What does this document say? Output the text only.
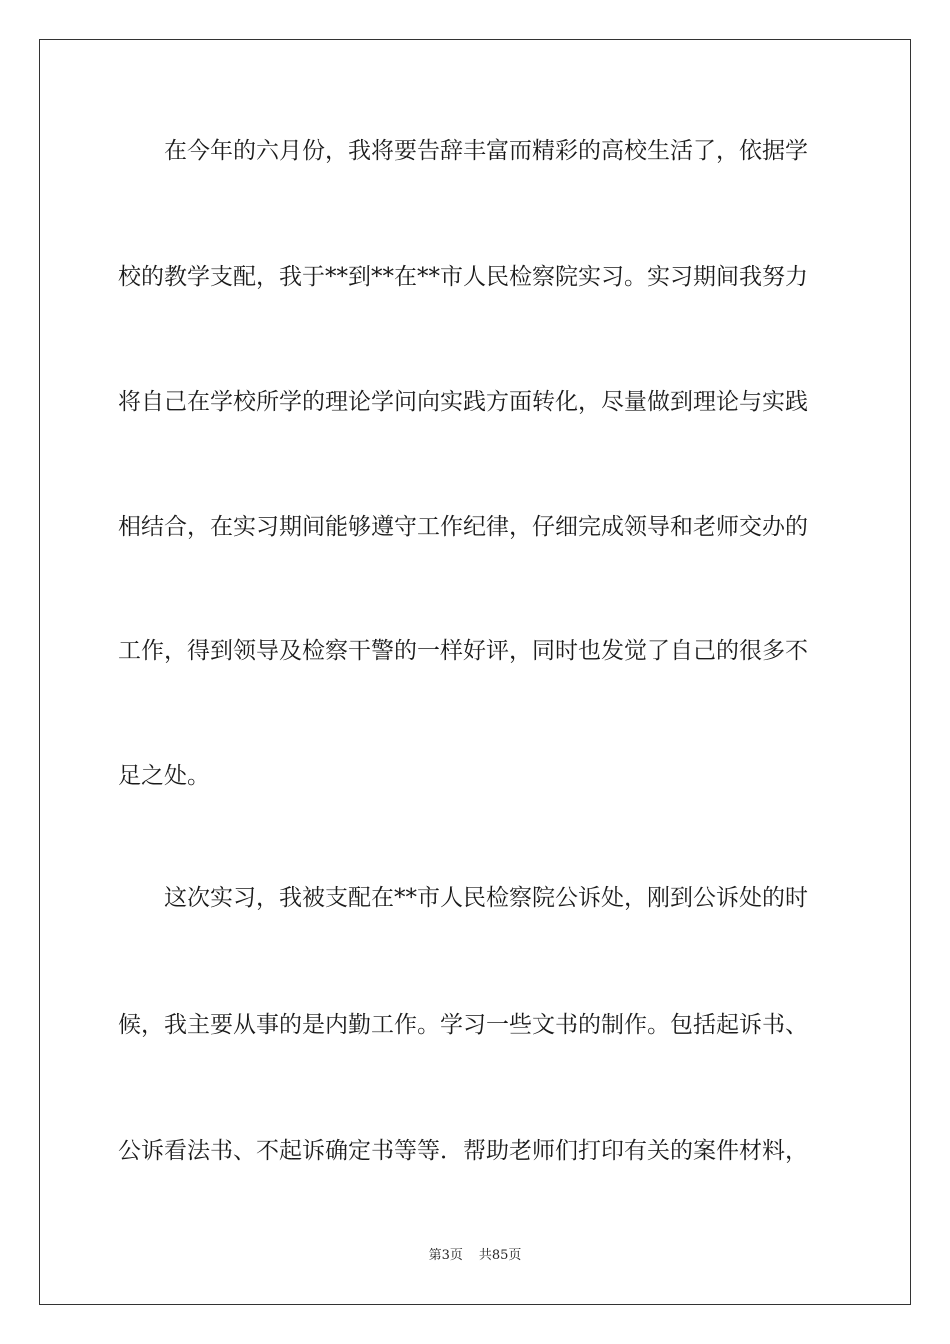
在今年的六月份，我将要告辞丰富而精彩的高校生活了，依据学
校的教学支配，我于**到**在**市人民检察院实习。实习期间我努力
将自己在学校所学的理论学问向实践方面转化，尽量做到理论与实践
相结合，在实习期间能够遵守工作纪律，仔细完成领导和老师交办的
工作，得到领导及检察干警的一样好评，同时也发觉了自己的很多不
足之处。
这次实习，我被支配在**市人民检察院公诉处，刚到公诉处的时
候，我主要从事的是内勤工作。学习一些文书的制作。包括起诉书、
公诉看法书、不起诉确定书等等．帮助老师们打印有关的案件材料，
第3页 共85页
